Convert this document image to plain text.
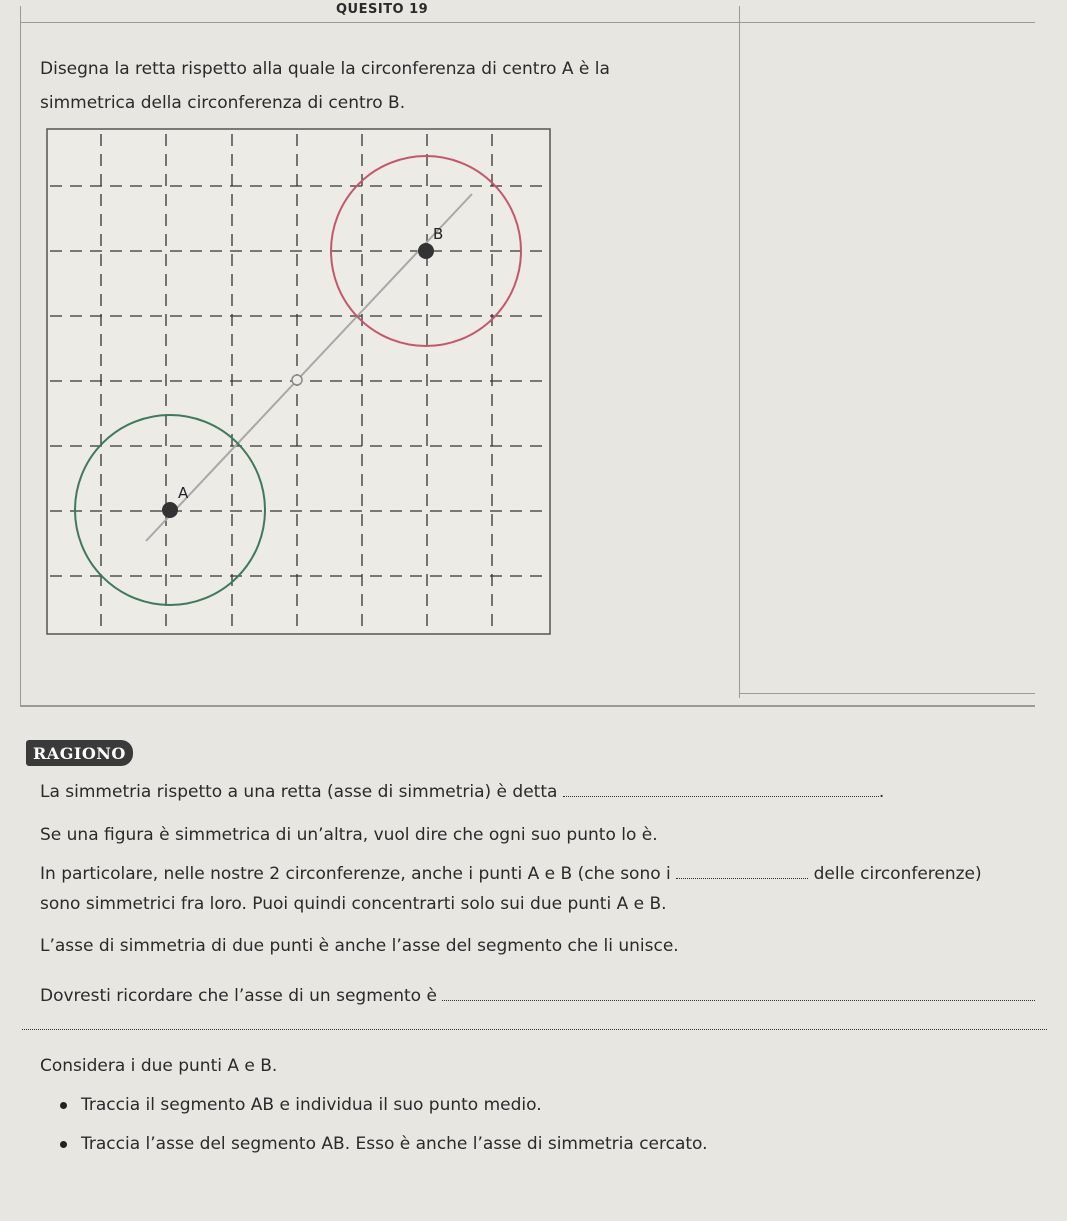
QUESITO 19
Disegna la retta rispetto alla quale la circonferenza di centro A è la
simmetrica della circonferenza di centro B.
B
A
RAGIONO
La simmetria rispetto a una retta (asse di simmetria) è detta	.
Se una figura è simmetrica di un’altra, vuol dire che ogni suo punto lo è.
In particolare, nelle nostre 2 circonferenze, anche i punti A e B (che sono i	delle circonferenze)
sono simmetrici fra loro. Puoi quindi concentrarti solo sui due punti A e B.
L’asse di simmetria di due punti è anche l’asse del segmento che li unisce.
Dovresti ricordare che l’asse di un segmento è
Considera i due punti A e B.
Traccia il segmento AB e individua il suo punto medio.
Traccia l’asse del segmento AB. Esso è anche l’asse di simmetria cercato.
